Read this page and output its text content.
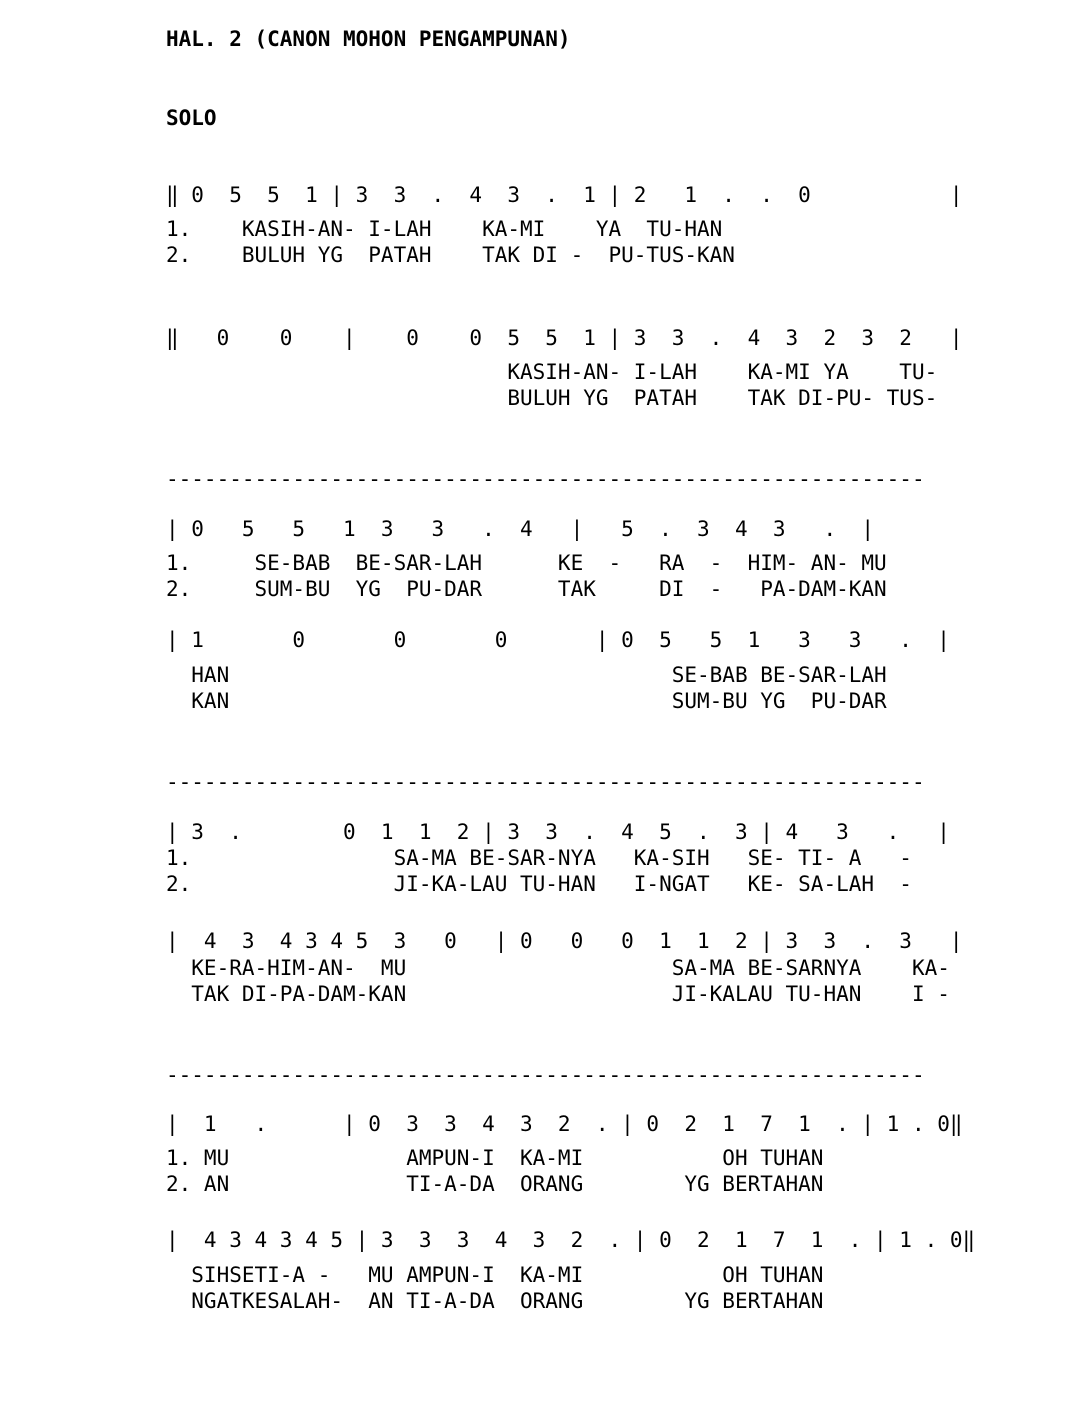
HAL. 2 (CANON MOHON PENGAMPUNAN)
SOLO
‖ 0  5  5  1 | 3  3  .  4  3  .  1 | 2   1  .  .  0           |
1.    KASIH-AN- I-LAH    KA-MI    YA  TU-HAN
2.    BULUH YG  PATAH    TAK DI -  PU-TUS-KAN
‖   0    0    |    0    0  5  5  1 | 3  3  .  4  3  2  3  2   |
KASIH-AN- I-LAH    KA-MI YA    TU-
BULUH YG  PATAH    TAK DI-PU- TUS-
------------------------------------------------------------
| 0   5   5   1  3   3   .  4   |   5  .  3  4  3   .  |
1.     SE-BAB  BE-SAR-LAH      KE  -   RA  -  HIM- AN- MU
2.     SUM-BU  YG  PU-DAR      TAK     DI  -   PA-DAM-KAN
| 1       0       0       0       | 0  5   5  1   3   3   .  |
HAN                                   SE-BAB BE-SAR-LAH
KAN                                   SUM-BU YG  PU-DAR
------------------------------------------------------------
| 3  .        0  1  1  2 | 3  3  .  4  5  .  3 | 4   3   .   |
1.                SA-MA BE-SAR-NYA   KA-SIH   SE- TI- A   -
2.                JI-KA-LAU TU-HAN   I-NGAT   KE- SA-LAH  -
|  4  3  4 3 4 5  3   0   | 0   0   0  1  1  2 | 3  3  .  3   |
KE-RA-HIM-AN-  MU                     SA-MA BE-SARNYA    KA-
TAK DI-PA-DAM-KAN                     JI-KALAU TU-HAN    I -
------------------------------------------------------------
|  1   .      | 0  3  3  4  3  2  . | 0  2  1  7  1  . | 1 . 0‖
1. MU              AMPUN-I  KA-MI           OH TUHAN
2. AN              TI-A-DA  ORANG        YG BERTAHAN
|  4 3 4 3 4 5 | 3  3  3  4  3  2  . | 0  2  1  7  1  . | 1 . 0‖
SIHSETI-A -   MU AMPUN-I  KA-MI           OH TUHAN
NGATKESALAH-  AN TI-A-DA  ORANG        YG BERTAHAN
